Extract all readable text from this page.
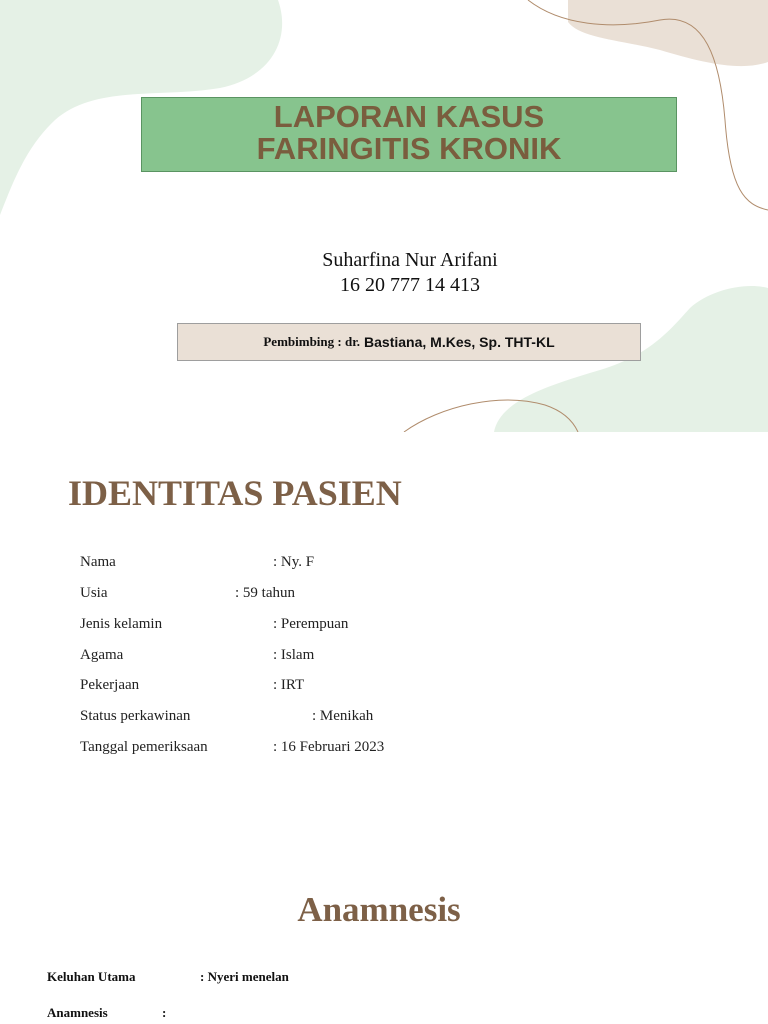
LAPORAN KASUS
FARINGITIS KRONIK
Suharfina Nur Arifani
16 20 777 14 413
Pembimbing : dr. Bastiana, M.Kes, Sp. THT-KL
IDENTITAS PASIEN
Nama	: Ny. F
Usia	: 59 tahun
Jenis kelamin	: Perempuan
Agama	: Islam
Pekerjaan	: IRT
Status perkawinan	: Menikah
Tanggal pemeriksaan	: 16 Februari 2023
Anamnesis
Keluhan Utama	: Nyeri menelan
Anamnesis	:
